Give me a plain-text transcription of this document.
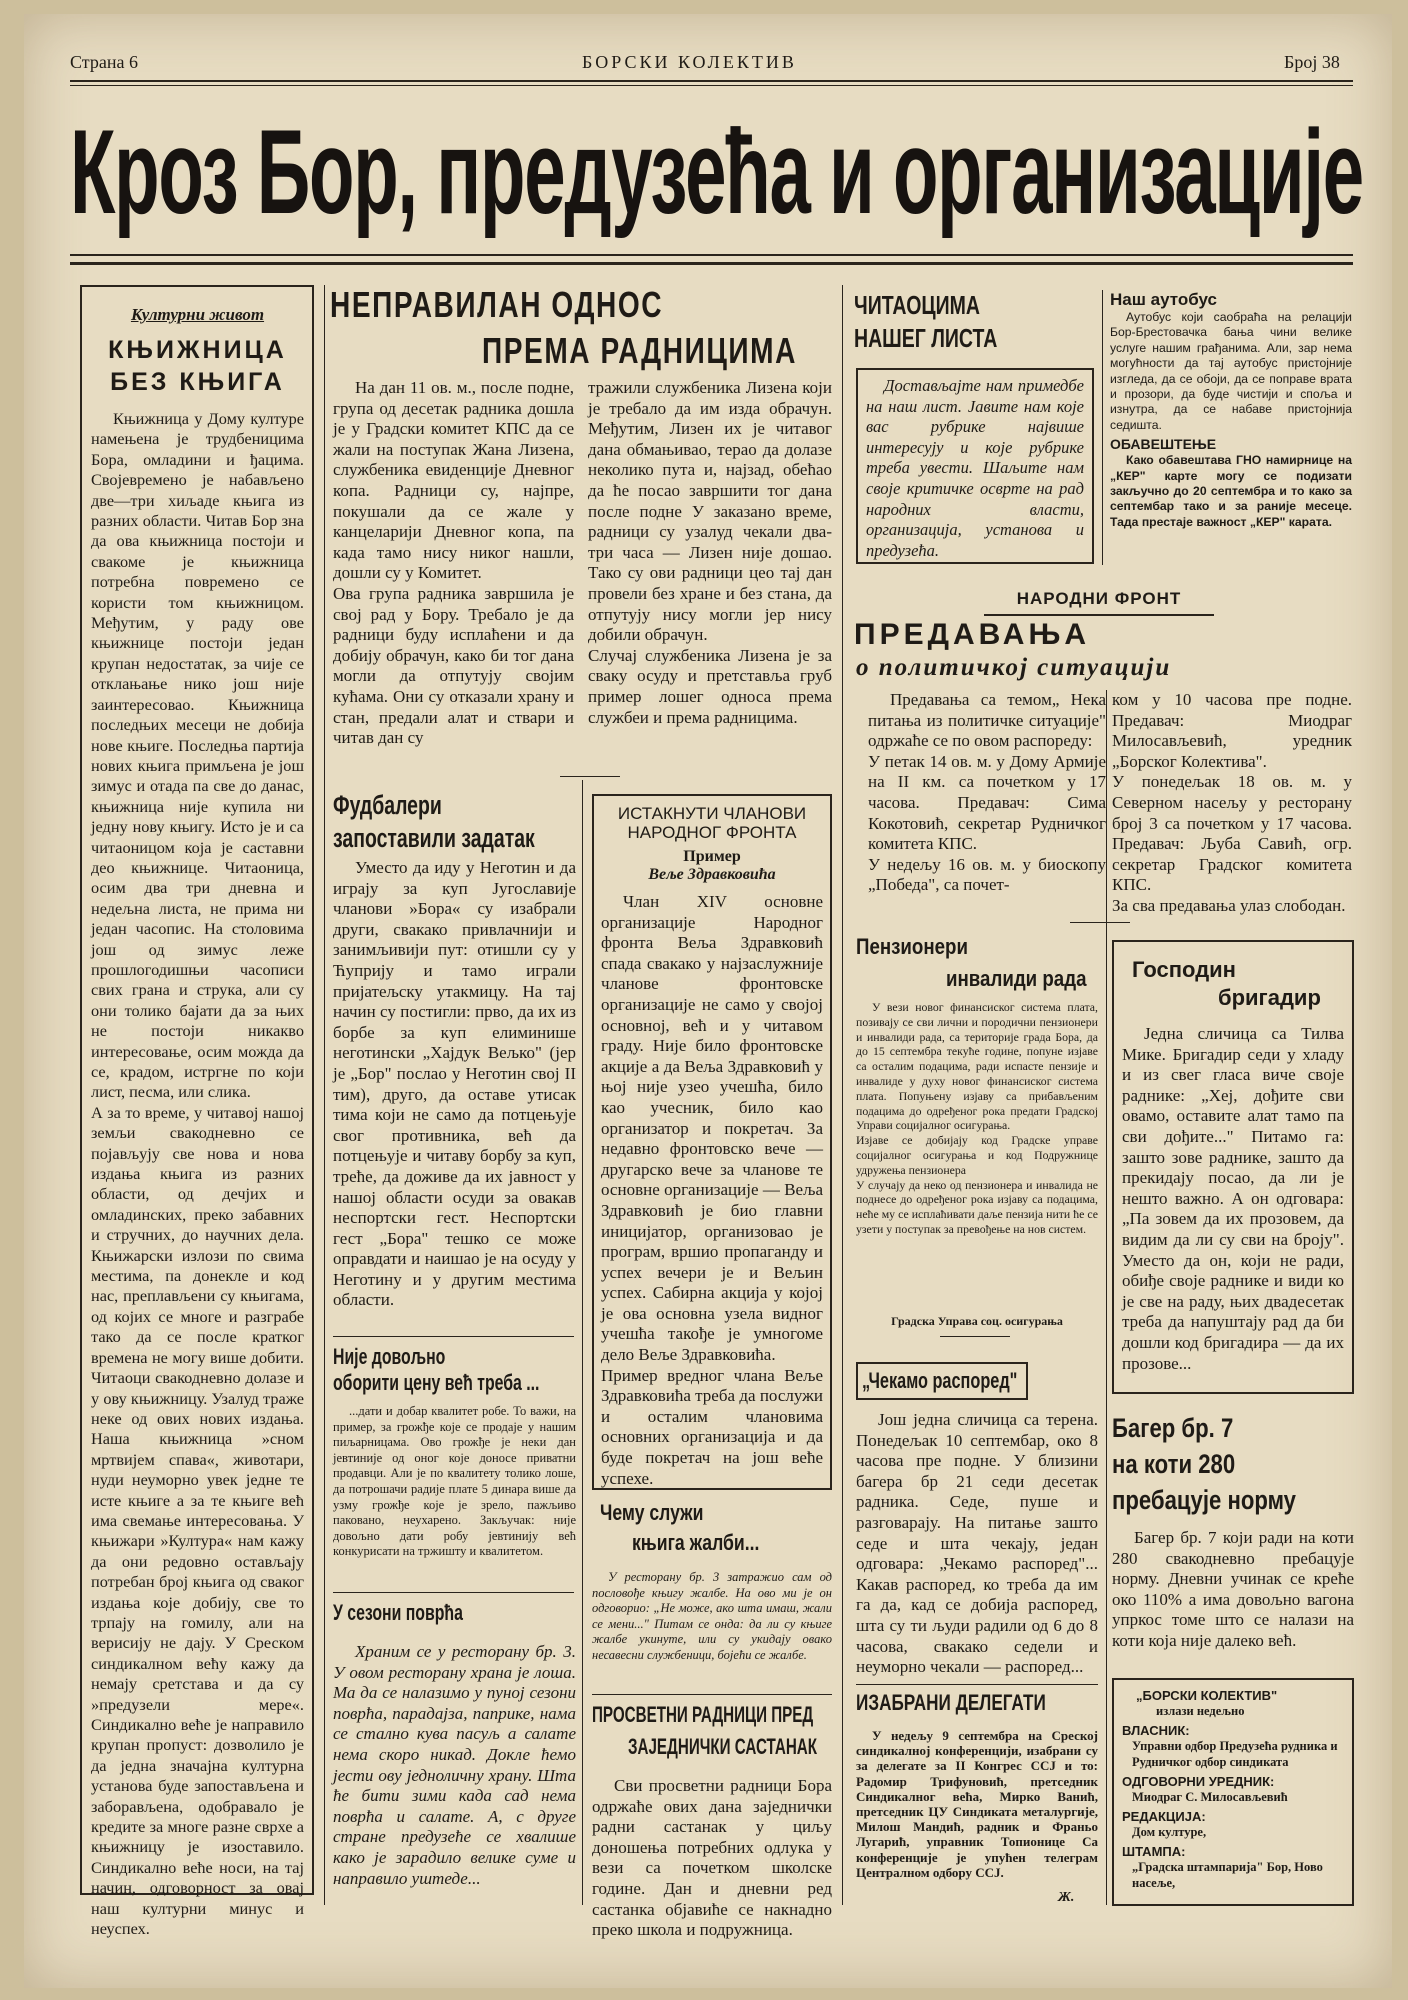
Страна 6	БОРСКИ КОЛЕКТИВ	Број 38
Кроз Бор, предузећа и организације
Културни живот
КЊИЖНИЦА
БЕЗ КЊИГА
Књижница у Дому културе намењена је трудбеницима Бора, омладини и ђацима. Својевремено је набављено две—три хиљаде књига из разних области. Читав Бор зна да ова књижница постоји и свакоме је књижница потребна повремено се користи том књижницом. Међутим, у раду ове књижнице постоји један крупан недостатак, за чије се отклањање нико још није заинтересовао. Књижница последњих месеци не добија нове књиге. Последња партија нових књига примљена је још зимус и отада па све до данас, књижница није купила ни једну нову књигу. Исто је и са читаоницом која је саставни део књижнице. Читаоница, осим два три дневна и недељна листа, не прима ни један часопис. На столовима још од зимус леже прошлогодишњи часописи свих грана и струка, али су они толико бајати да за њих не постоји никакво интересовање, осим можда да се, крадом, истргне по који лист, песма, или слика.
А за то време, у читавој нашој земљи свакодневно се појављују све нова и нова издања књига из разних области, од дечјих и омладинских, преко забавних и стручних, до научних дела. Књижарски излози по свима местима, па донекле и код нас, преплављени су књигама, од којих се многе и разграбе тако да се после кратког времена не могу више добити. Читаоци свакодневно долазе и у ову књижницу. Узалуд траже неке од ових нових издања. Наша књижница »сном мртвијем спава«, животари, нуди неуморно увек једне те исте књиге а за те књиге већ има свемање интересовања. У књижари »Култура« нам кажу да они редовно остављају потребан број књига од сваког издања које добију, све то трпају на гомилу, али на верисију не дају. У Среском синдикалном већу кажу да немају сретстава и да су »предузели мере«. Синдикално веће је направило крупан пропуст: дозволило је да једна значајна културна установа буде запостављена и заборављена, одобравало је кредите за многе разне сврхе а књижницу је изоставило. Синдикално веће носи, на тај начин, одговорност за овај наш културни минус и неуспех.
НЕПРАВИЛАН ОДНОС
ПРЕМА РАДНИЦИМА
На дан 11 ов. м., после подне, група од десетак радника дошла је у Градски комитет КПС да се жали на поступак Жана Лизена, службеника евиденције Дневног копа. Радници су, најпре, покушали да се жале у канцеларији Дневног копа, па када тамо нису никог нашли, дошли су у Комитет.
Ова група радника завршила је свој рад у Бору. Требало је да радници буду исплаћени и да добију обрачун, како би тог дана могли да отпутују својим кућама. Они су отказали храну и стан, предали алат и ствари и читав дан су
тражили службеника Лизена који је требало да им изда обрачун. Међутим, Лизен их је читавог дана обмањивао, терао да долазе неколико пута и, најзад, обећао да ће посао завршити тог дана после подне У заказано време, радници су узалуд чекали два-три часа — Лизен није дошао. Тако су ови радници цео тај дан провели без хране и без стана, да отпутују нису могли јер нису добили обрачун.
Случај службеника Лизена је за сваку осуду и претставља груб пример лошег односа према службеи и према радницима.
Фудбалери
запоставили задатак
Уместо да иду у Неготин и да играју за куп Југославије чланови »Бора« су изабрали други, свакако привлачнији и занимљивији пут: отишли су у Ћуприју и тамо играли пријатељску утакмицу. На тај начин су постигли: прво, да их из борбе за куп елиминише неготински „Хајдук Вељко" (јер је „Бор" послао у Неготин свој II тим), друго, да оставе утисак тима који не само да потцењује свог противника, већ да потцењује и читаву борбу за куп, треће, да доживе да их јавност у нашој области осуди за овакав неспортски гест. Неспортски гест „Бора" тешко се може оправдати и наишао је на осуду у Неготину и у другим местима области.
Није довољно
оборити цену већ треба ...
...дати и добар квалитет робе. То важи, на пример, за грожђе које се продаје у нашим пиљарницама. Ово грожђе је неки дан јевтиније од оног које доносе приватни продавци. Али је по квалитету толико лоше, да потрошачи радије плате 5 динара више да узму грожђе које је зрело, пажљиво паковано, неухарено. Закључак: није довољно дати робу јевтинију већ конкурисати на тржишту и квалитетом.
У сезони поврћа
Храним се у ресторану бр. 3. У овом ресторану храна је лоша. Ма да се налазимо у пуној сезони поврћа, парадајза, паприке, нама се стално кува пасуљ а салате нема скоро никад. Докле ћемо јести ову једноличну храну. Шта ће бити зими када сад нема поврћа и салате. А, с друге стране предузеће се хвалише како је зарадило велике суме и направило уштеде...
ИСТАКНУТИ ЧЛАНОВИ
НАРОДНОГ ФРОНТА
Пример
Веље Здравковића
Члан XIV основне организације Народног фронта Веља Здравковић спада свакако у најзаслужније чланове фронтовске организације не само у својој основној, већ и у читавом граду. Није било фронтовске акције а да Веља Здравковић у њој није узео учешћа, било као учесник, било као организатор и покретач. За недавно фронтовско вече — другарско вече за чланове те основне организације — Веља Здравковић је био главни иницијатор, организовао је програм, вршио пропаганду и успех вечери је и Вељин успех. Сабирна акција у којој је ова основна узела видног учешћа такође је умногоме дело Веље Здравковића.
Пример вредног члана Веље Здравковића треба да послужи и осталим члановима основних организација и да буде покретач на још веће успехе.
Чему служи
књига жалби...
У ресторану бр. 3 затражио сам од пословође књигу жалбе. На ово ми је он одговорио: „Не може, ако шта имаш, жали се мени..." Питам се онда: да ли су књиге жалбе укинуте, или су укидају овако несавесни службеници, бојећи се жалбе.
ПРОСВЕТНИ РАДНИЦИ ПРЕД
ЗАЈЕДНИЧКИ САСТАНАК
Сви просветни радници Бора одржаће ових дана заједнички радни састанак у циљу доношења потребних одлука у вези са почетком школске године. Дан и дневни ред састанка објавиће се накнадно преко школа и подружница.
ЧИТАОЦИМА
НАШЕГ ЛИСТА
Достављајте нам примедбе на наш лист. Јавите нам које вас рубрике највише интересују и које рубрике треба увести. Шаљите нам своје критичке осврте на рад народних власти, организација, установа и предузећа.
Наш аутобус
Аутобус који саобраћа на релацији Бор-Брестовачка бања чини велике услуге нашим грађанима. Али, зар нема могућности да тај аутобус пристојније изгледа, да се обоји, да се поправе врата и прозори, да буде чистији и споља и изнутра, да се набаве пристојнија седишта.
ОБАВЕШТЕЊЕ
Како обавештава ГНО намирнице на „КЕР" карте могу се подизати закључно до 20 септембра и то како за септембар тако и за раније месеце. Тада престаје важност „КЕР" карата.
НАРОДНИ ФРОНТ
ПРЕДАВАЊА
о политичкој ситуацији
Предавања са темом„ Нека питања из политичке ситуације" одржаће се по овом распореду:
У петак 14 ов. м. у Дому Армије на II км. са почетком у 17 часова. Предавач: Сима Кокотовић, секретар Рудничког комитета КПС.
У недељу 16 ов. м. у биоскопу „Победа", са почет-
ком у 10 часова пре подне. Предавач: Миодраг Милосављевић, уредник „Борског Колектива".
У понедељак 18 ов. м. у Северном насељу у ресторану број 3 са почетком у 17 часова. Предавач: Љуба Савић, огр. секретар Градског комитета КПС.
За сва предавања улаз слободан.
Пензионери
инвалиди рада
У вези новог финансиског система плата, позивају се сви лични и породични пензионери и инвалиди рада, са територије града Бора, да до 15 септембра текуће године, попуне изјаве са осталим подацима, ради испасте пензије и инвалиде у духу новог финансиског система плата. Попуњену изјаву са прибављеним подацима до одређеног рока предати Градској Управи социјалног осигурања.
Изјаве се добијају код Градске управе социјалног осигурања и код Подружнице удружења пензионера
У случају да неко од пензионера и инвалида не поднесе до одређеног рока изјаву са подацима, неће му се исплаћивати даље пензија нити ће се узети у поступак за превођење на нов систем.
Градска Управа соц. осигурања
„Чекамо распоред"
Још једна сличица са терена. Понедељак 10 септембар, око 8 часова пре подне. У близини багера бр 21 седи десетак радника. Седе, пуше и разговарају. На питање зашто седе и шта чекају, један одговара: „Чекамо распоред"... Какав распоред, ко треба да им га да, кад се добија распоред, шта су ти људи радили од 6 до 8 часова, свакако седели и неуморно чекали — распоред...
ИЗАБРАНИ ДЕЛЕГАТИ
У недељу 9 септембра на Среској синдикалној конференцији, изабрани су за делегате за II Конгрес ССЈ и то: Радомир Трифуновић, претседник Синдикалног већа, Мирко Ванић, претседник ЦУ Синдиката металургије, Милош Мандић, радник и Франьо Лугарић, управник Топионице Са конференције је упућен телеграм Централном одбору ССЈ.
Ж.
Господин
бригадир
Једна сличица са Тилва Мике. Бригадир седи у хладу и из свег гласа виче своје раднике: „Хеј, дођите сви овамо, оставите алат тамо па сви дођите..." Питамо га: зашто зове раднике, зашто да прекидају посао, да ли је нешто важно. А он одговара: „Па зовем да их прозовем, да видим да ли су сви на броју". Уместо да он, који не ради, обиђе своје раднике и види ко је све на раду, њих двадесетак треба да напуштају рад да би дошли код бригадира — да их прозове...
Багер бр. 7
на коти 280
пребацује норму
Багер бр. 7 који ради на коти 280 свакодневно пребацује норму. Дневни учинак се креће око 110% а има довољно вагона упркос томе што се налази на коти која није далеко већ.
„БОРСКИ КОЛЕКТИВ"
излази недељно
ВЛАСНИК:
Управни одбор Предузећа рудника и Рудничког одбор синдиката
ОДГОВОРНИ УРЕДНИК:
Миодраг С. Милосављевић
РЕДАКЦИЈА:
Дом културе,
ШТАМПА:
„Градска штампарија" Бор, Ново насеље,
